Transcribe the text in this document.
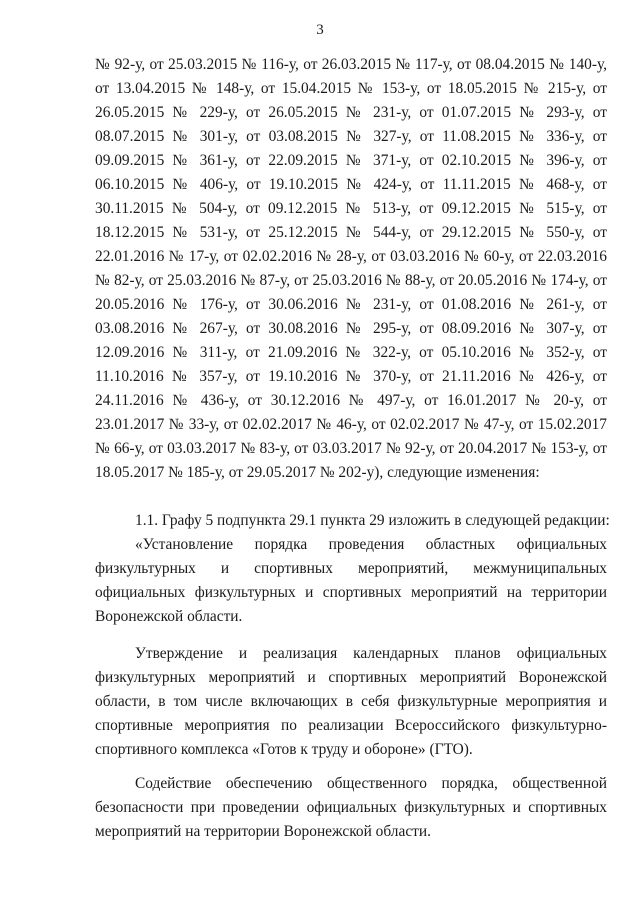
3
№ 92-у, от 25.03.2015 № 116-у, от 26.03.2015 № 117-у, от 08.04.2015 № 140-у,
от 13.04.2015 № 148-у, от 15.04.2015 № 153-у, от 18.05.2015 № 215-у, от
26.05.2015 № 229-у, от 26.05.2015 № 231-у, от 01.07.2015 № 293-у, от
08.07.2015 № 301-у, от 03.08.2015 № 327-у, от 11.08.2015 № 336-у, от
09.09.2015 № 361-у, от 22.09.2015 № 371-у, от 02.10.2015 № 396-у, от
06.10.2015 № 406-у, от 19.10.2015 № 424-у, от 11.11.2015 № 468-у, от
30.11.2015 № 504-у, от 09.12.2015 № 513-у, от 09.12.2015 № 515-у, от
18.12.2015 № 531-у, от 25.12.2015 № 544-у, от 29.12.2015 № 550-у, от
22.01.2016 № 17-у, от 02.02.2016 № 28-у, от 03.03.2016 № 60-у, от 22.03.2016
№ 82-у, от 25.03.2016 № 87-у, от 25.03.2016 № 88-у, от 20.05.2016 № 174-у, от
20.05.2016 № 176-у, от 30.06.2016 № 231-у, от 01.08.2016 № 261-у, от
03.08.2016 № 267-у, от 30.08.2016 № 295-у, от 08.09.2016 № 307-у, от
12.09.2016 № 311-у, от 21.09.2016 № 322-у, от 05.10.2016 № 352-у, от
11.10.2016 № 357-у, от 19.10.2016 № 370-у, от 21.11.2016 № 426-у, от
24.11.2016 № 436-у, от 30.12.2016 № 497-у, от 16.01.2017 № 20-у, от
23.01.2017 № 33-у, от 02.02.2017 № 46-у, от 02.02.2017 № 47-у, от 15.02.2017
№ 66-у, от 03.03.2017 № 83-у, от 03.03.2017 № 92-у, от 20.04.2017 № 153-у, от
18.05.2017 № 185-у, от 29.05.2017 № 202-у), следующие изменения:
1.1. Графу 5 подпункта 29.1 пункта 29 изложить в следующей редакции:
«Установление порядка проведения областных официальных
физкультурных и спортивных мероприятий, межмуниципальных
официальных физкультурных и спортивных мероприятий на территории
Воронежской области.
Утверждение и реализация календарных планов официальных
физкультурных мероприятий и спортивных мероприятий Воронежской
области, в том числе включающих в себя физкультурные мероприятия и
спортивные мероприятия по реализации Всероссийского физкультурно-
спортивного комплекса «Готов к труду и обороне» (ГТО).
Содействие обеспечению общественного порядка, общественной
безопасности при проведении официальных физкультурных и спортивных
мероприятий на территории Воронежской области.
